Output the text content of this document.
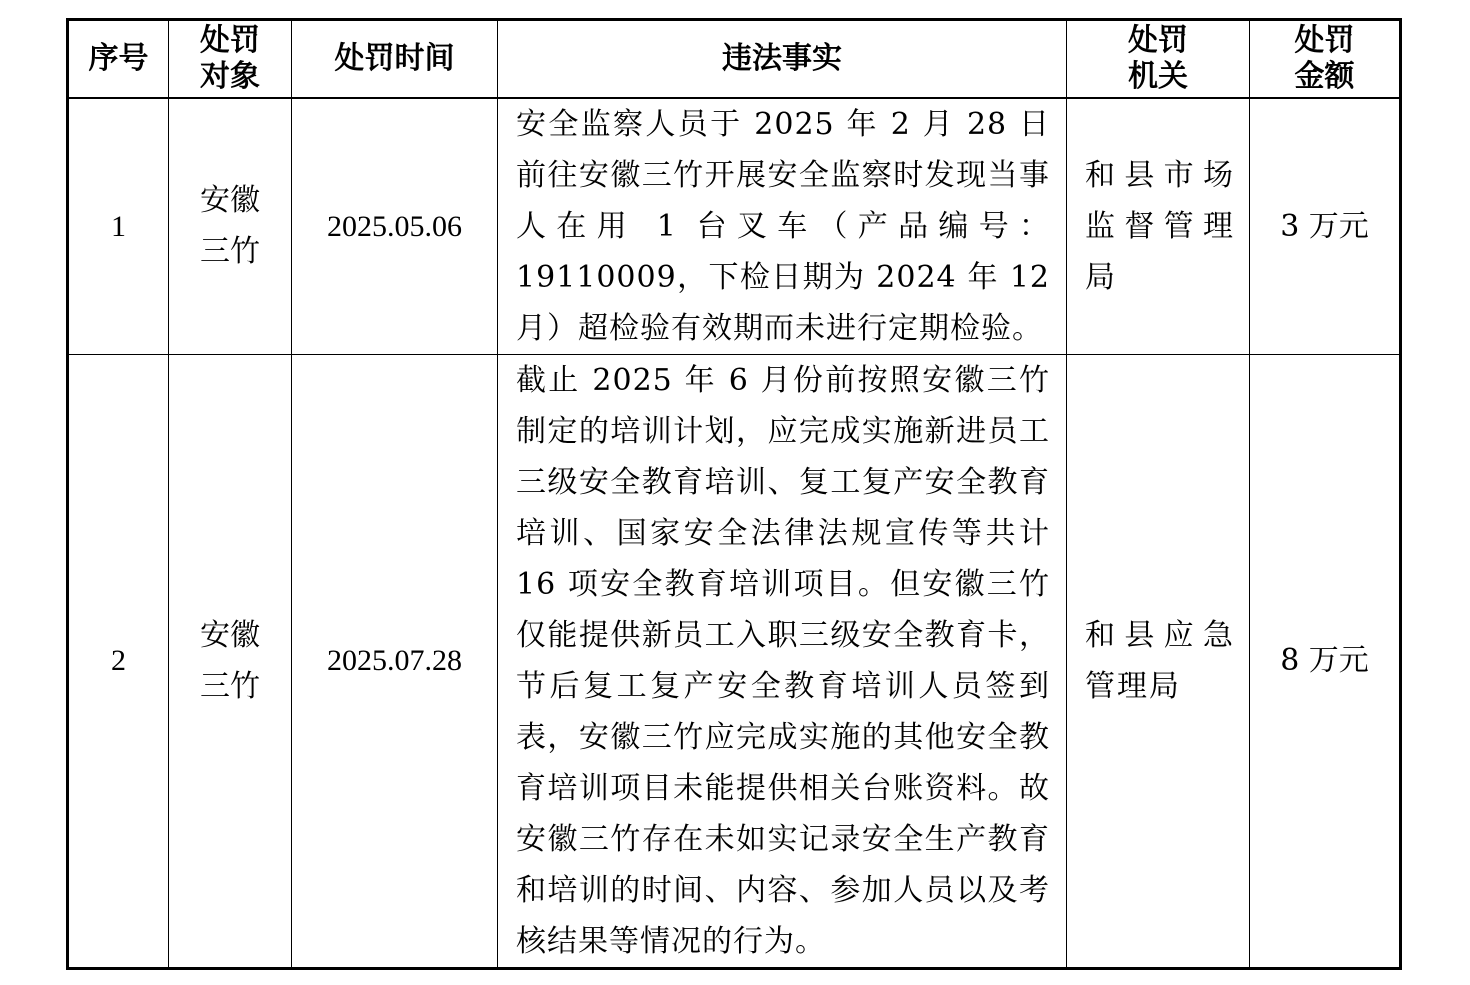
序号	处罚对象	处罚时间	违法事实	处罚机关	处罚金额

1	安徽三竹	2025.05.06	安全监察人员于 2025 年 2 月 28 日前往安徽三竹开展安全监察时发现当事人在用 1 台叉车（产品编号：19110009，下检日期为 2024 年 12 月）超检验有效期而未进行定期检验。	和县市场监督管理局	3 万元
2	安徽三竹	2025.07.28	截止 2025 年 6 月份前按照安徽三竹制定的培训计划，应完成实施新进员工三级安全教育培训、复工复产安全教育培训、国家安全法律法规宣传等共计 16 项安全教育培训项目。但安徽三竹仅能提供新员工入职三级安全教育卡，节后复工复产安全教育培训人员签到表，安徽三竹应完成实施的其他安全教育培训项目未能提供相关台账资料。故安徽三竹存在未如实记录安全生产教育和培训的时间、内容、参加人员以及考核结果等情况的行为。	和县应急管理局	8 万元
